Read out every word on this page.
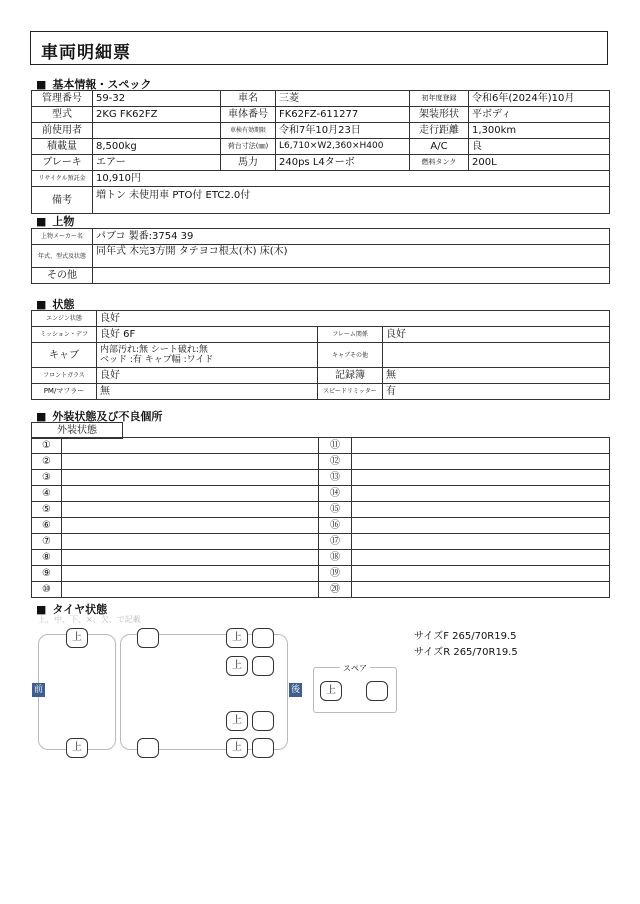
車両明細票
■ 基本情報・スペック
管理番号	59-32	車名	三菱	初年度登録	令和6年(2024年)10月
型式	2KG FK62FZ	車体番号	FK62FZ-611277	架装形状	平ボディ
前使用者		車検有効期限	令和7年10月23日	走行距離	1,300km
積載量	8,500kg	荷台寸法(㎜)	L6,710×W2,360×H400	A/C	良
ブレーキ	エアー	馬力	240ps L4ターボ	燃料タンク	200L
リサイクル預託金	10,910円				
備考	増トン 未使用車 PTO付 ETC2.0付				
■ 上物
上物メーカー名	パブコ 製番:3754 39
年式、型式及状態	同年式 木完3方開 タテヨコ根太(木) 床(木)
その他	
■ 状態
エンジン状態	良好		
ミッション・デフ	良好 6F	フレーム関係	良好
キャブ	内部汚れ:無 シート破れ:無
ベッド :有 キャブ幅 :ワイド	キャブその他	
フロントガラス	良好	記録簿	無
PM/マフラー	無	スピードリミッター	有
■ 外装状態及び不良個所
外装状態
①		⑪	
②		⑫	
③		⑬	
④		⑭	
⑤		⑮	
⑥		⑯	
⑦		⑰	
⑧		⑱	
⑨		⑲	
⑩		⑳	
■ タイヤ状態
上、中、下、×、欠、で記載
前	後
上	上
上
上
上	上
スペア
上
サイズF 265/70R19.5
サイズR 265/70R19.5
